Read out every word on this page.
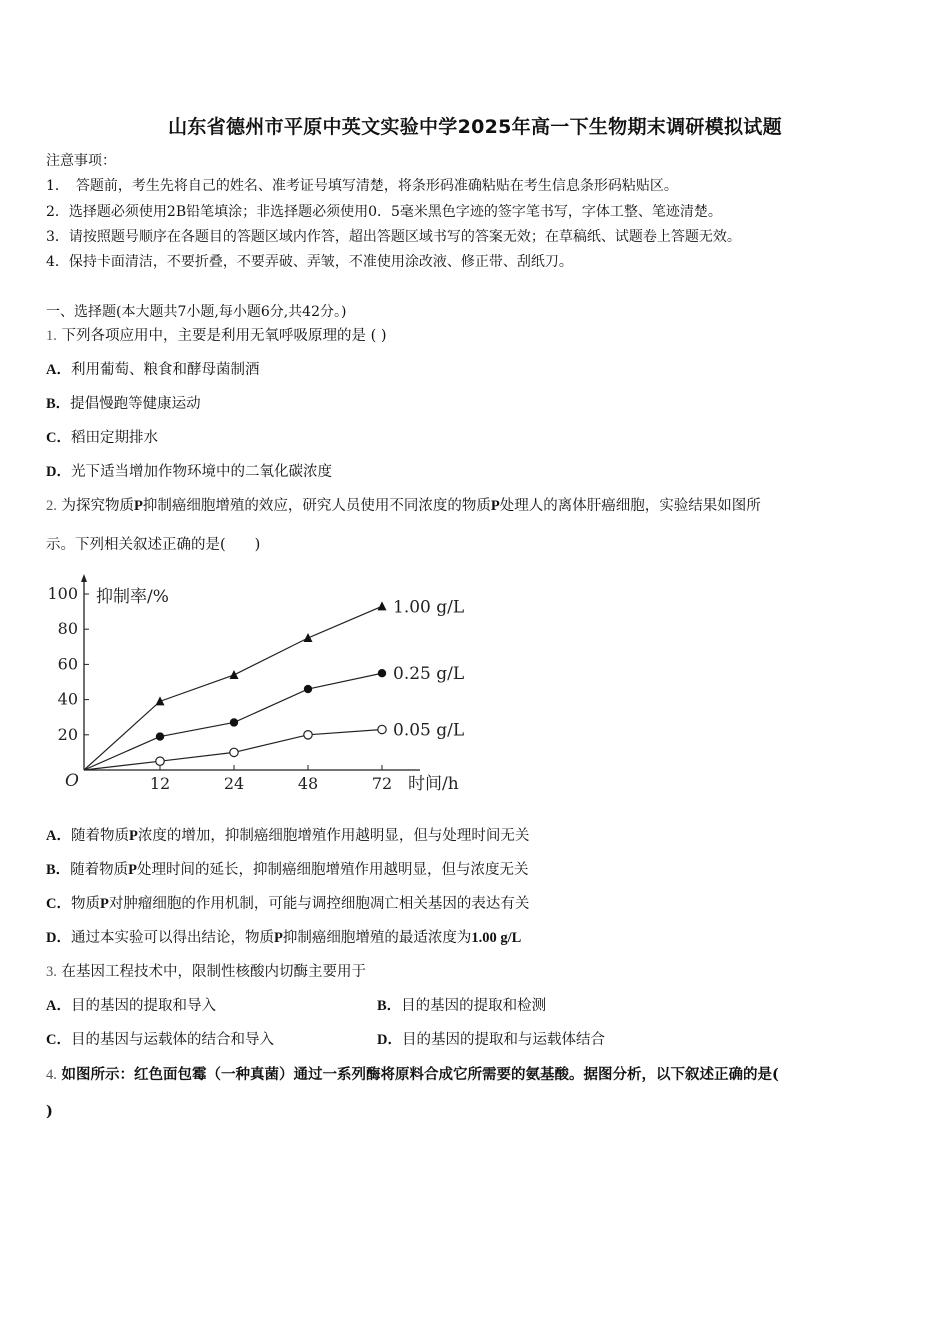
山东省德州市平原中英文实验中学2025年高一下生物期末调研模拟试题
注意事项：
1．　答题前，考生先将自己的姓名、准考证号填写清楚，将条形码准确粘贴在考生信息条形码粘贴区。
2．选择题必须使用2B铅笔填涂；非选择题必须使用0．5毫米黑色字迹的签字笔书写，字体工整、笔迹清楚。
3．请按照题号顺序在各题目的答题区域内作答，超出答题区域书写的答案无效；在草稿纸、试题卷上答题无效。
4．保持卡面清洁，不要折叠，不要弄破、弄皱，不准使用涂改液、修正带、刮纸刀。
一、选择题(本大题共7小题,每小题6分,共42分。)
1. 下列各项应用中，主要是利用无氧呼吸原理的是 ( )
A．利用葡萄、粮食和酵母菌制酒
B．提倡慢跑等健康运动
C．稻田定期排水
D．光下适当增加作物环境中的二氧化碳浓度
2. 为探究物质P抑制癌细胞增殖的效应，研究人员使用不同浓度的物质P处理人的离体肝癌细胞，实验结果如图所
示。下列相关叙述正确的是(　　)
20
40
60
80
100
12	24	48	72
O
抑制率/%
时间/h
1.00 g/L
0.25 g/L
0.05 g/L
A．随着物质P浓度的增加，抑制癌细胞增殖作用越明显，但与处理时间无关
B．随着物质P处理时间的延长，抑制癌细胞增殖作用越明显，但与浓度无关
C．物质P对肿瘤细胞的作用机制，可能与调控细胞凋亡相关基因的表达有关
D．通过本实验可以得出结论，物质P抑制癌细胞增殖的最适浓度为1.00 g/L
3. 在基因工程技术中，限制性核酸内切酶主要用于
A．目的基因的提取和导入	B．目的基因的提取和检测
C．目的基因与运载体的结合和导入	D．目的基因的提取和与运载体结合
4. 如图所示：红色面包霉（一种真菌）通过一系列酶将原料合成它所需要的氨基酸。据图分析，以下叙述正确的是(
)
